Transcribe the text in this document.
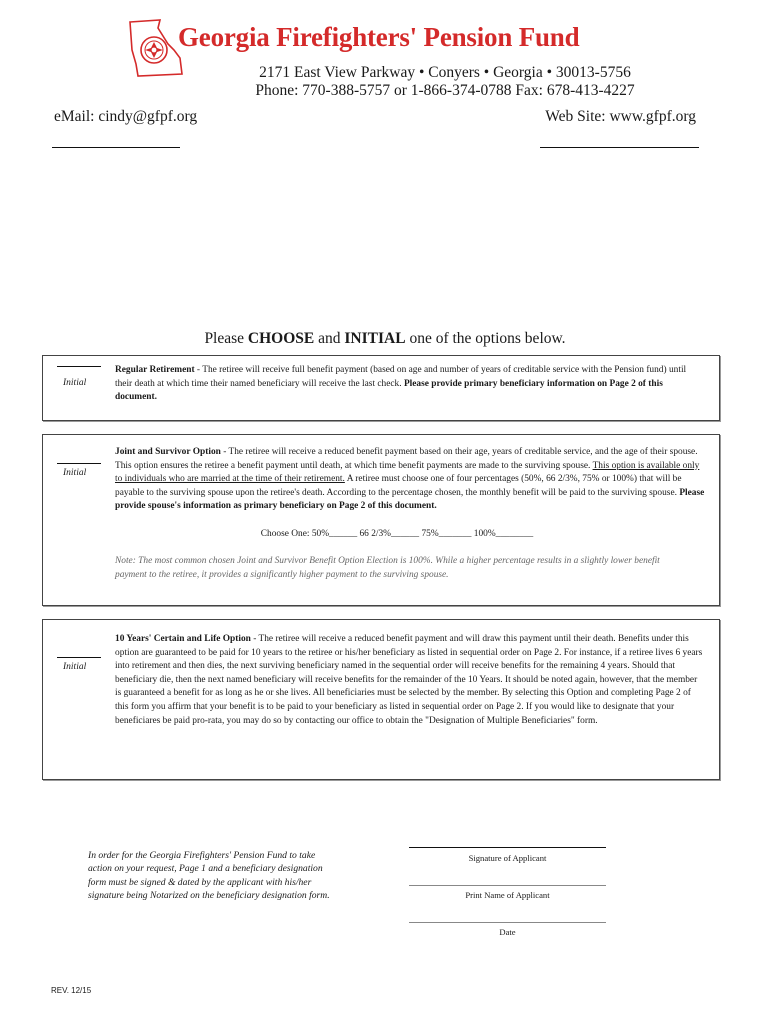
Georgia Firefighters' Pension Fund
2171 East View Parkway • Conyers • Georgia • 30013-5756
Phone: 770-388-5757 or 1-866-374-0788 Fax: 678-413-4227
eMail: cindy@gfpf.org	Web Site: www.gfpf.org
Please CHOOSE and INITIAL one of the options below.
Initial
Regular Retirement - The retiree will receive full benefit payment (based on age and number of years of creditable service with the Pension fund) until their death at which time their named beneficiary will receive the last check. Please provide primary beneficiary information on Page 2 of this document.
Initial
Joint and Survivor Option - The retiree will receive a reduced benefit payment based on their age, years of creditable service, and the age of their spouse. This option ensures the retiree a benefit payment until death, at which time benefit payments are made to the surviving spouse. This option is available only to individuals who are married at the time of their retirement. A retiree must choose one of four percentages (50%, 66 2/3%, 75% or 100%) that will be payable to the surviving spouse upon the retiree's death. According to the percentage chosen, the monthly benefit will be paid to the surviving spouse. Please provide spouse's information as primary beneficiary on Page 2 of this document.
Choose One: 50%______ 66 2/3%______ 75%_______ 100%________
Note: The most common chosen Joint and Survivor Benefit Option Election is 100%. While a higher percentage results in a slightly lower benefit payment to the retiree, it provides a significantly higher payment to the surviving spouse.
Initial
10 Years' Certain and Life Option - The retiree will receive a reduced benefit payment and will draw this payment until their death. Benefits under this option are guaranteed to be paid for 10 years to the retiree or his/her beneficiary as listed in sequential order on Page 2. For instance, if a retiree lives 6 years into retirement and then dies, the next surviving beneficiary named in the sequential order will receive benefits for the remaining 4 years. Should that beneficiary die, then the next named beneficiary will receive benefits for the remainder of the 10 Years. It should be noted again, however, that the member is guaranteed a benefit for as long as he or she lives. All beneficiaries must be selected by the member. By selecting this Option and completing Page 2 of this form you affirm that your benefit is to be paid to your beneficiary as listed in sequential order on Page 2. If you would like to designate that your beneficiares be paid pro-rata, you may do so by contacting our office to obtain the "Designation of Multiple Beneficiaries" form.
In order for the Georgia Firefighters' Pension Fund to take action on your request, Page 1 and a beneficiary designation form must be signed & dated by the applicant with his/her signature being Notarized on the beneficiary designation form.
Signature of Applicant
Print Name of Applicant
Date
REV. 12/15
